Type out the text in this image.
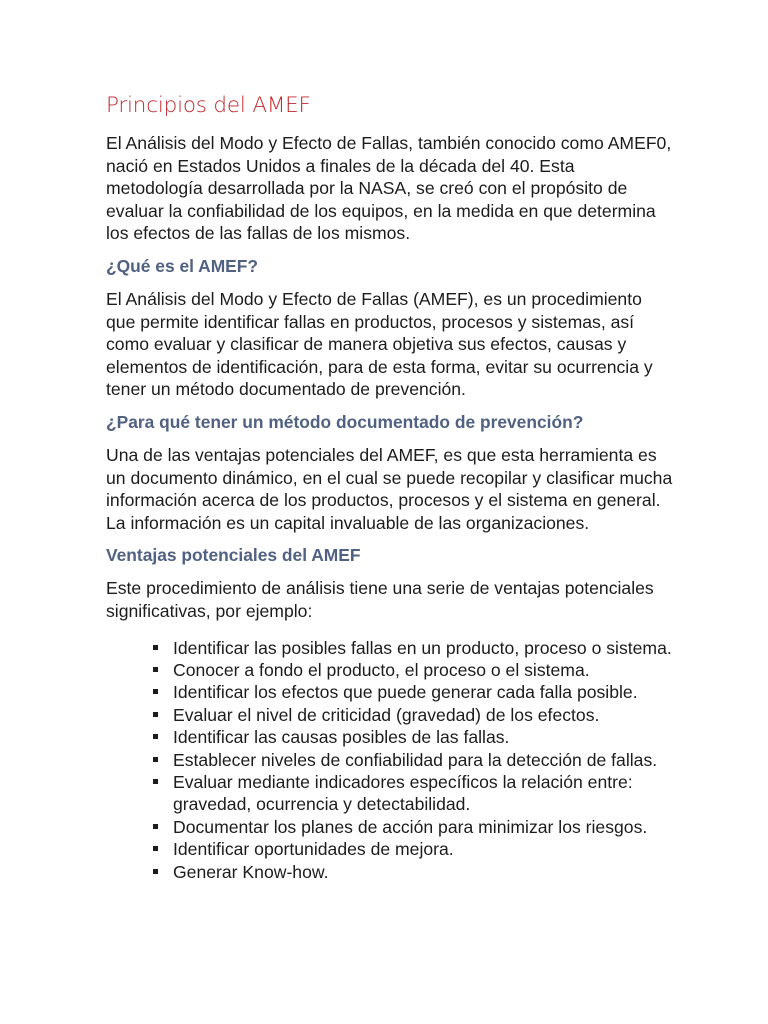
Principios del AMEF

El Análisis del Modo y Efecto de Fallas, también conocido como AMEF0, nació en Estados Unidos a finales de la década del 40. Esta metodología desarrollada por la NASA, se creó con el propósito de evaluar la confiabilidad de los equipos, en la medida en que determina los efectos de las fallas de los mismos.

¿Qué es el AMEF?

El Análisis del Modo y Efecto de Fallas (AMEF), es un procedimiento que permite identificar fallas en productos, procesos y sistemas, así como evaluar y clasificar de manera objetiva sus efectos, causas y elementos de identificación, para de esta forma, evitar su ocurrencia y tener un método documentado de prevención.

¿Para qué tener un método documentado de prevención?

Una de las ventajas potenciales del AMEF, es que esta herramienta es un documento dinámico, en el cual se puede recopilar y clasificar mucha información acerca de los productos, procesos y el sistema en general. La información es un capital invaluable de las organizaciones.

Ventajas potenciales del AMEF

Este procedimiento de análisis tiene una serie de ventajas potenciales significativas, por ejemplo:

Identificar las posibles fallas en un producto, proceso o sistema.
Conocer a fondo el producto, el proceso o el sistema.
Identificar los efectos que puede generar cada falla posible.
Evaluar el nivel de criticidad (gravedad) de los efectos.
Identificar las causas posibles de las fallas.
Establecer niveles de confiabilidad para la detección de fallas.
Evaluar mediante indicadores específicos la relación entre: gravedad, ocurrencia y detectabilidad.
Documentar los planes de acción para minimizar los riesgos.
Identificar oportunidades de mejora.
Generar Know-how.
